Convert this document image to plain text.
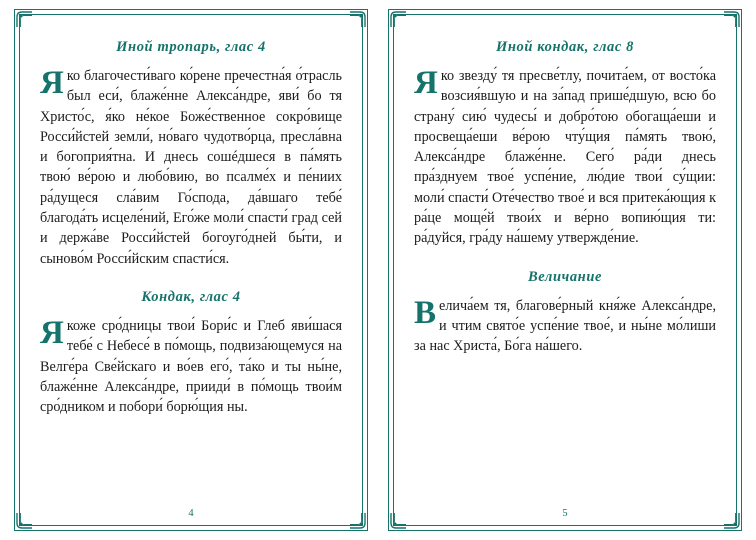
Иной тропарь, глас 4

Яко благочести́ваго ко́рене пречестна́я о́трасль был еси́, блаже́нне Алекса́ндре, яви́ бо тя Христо́с, я́ко не́кое Боже́ственное сокро́вище Росси́йстей земли́, но́ваго чудотво́рца, пресла́вна и богоприя́тна. И днесь сошéдшеся в па́мять твою́ ве́рою и любо́вию, во псалме́х и пе́ниих ра́дущеся сла́вим Го́спода, да́вшаго тебе́ благода́ть исцеле́ний, Его́же моли́ спасти́ град сей и держа́ве Росси́йстей богоуго́дней бы́ти, и сыново́м Росси́йским спасти́ся.

Кондак, глас 4

Якоже сро́дницы твои́ Бори́с и Глеб яви́шася тебе́ с Небесе́ в по́мощь, подвиза́ющемуся на Велге́ра Све́йскаго и во́ев его́, та́ко и ты ны́не, блаже́нне Алекса́ндре, прииди́ в по́мощь твои́м сро́дником и побори́ борю́щия ны.

4
Иной кондак, глас 8

Яко звезду́ тя пресве́тлу, почита́ем, от восто́ка возсия́вшую и на за́пад прише́дшую, всю бо страну́ сию́ чудесы́ и добро́тою обогаща́еши и просвеща́еши ве́рою чту́щия па́мять твою́, Алекса́ндре блаже́нне. Сего́ ра́ди днесь пра́зднуем твое́ успе́ние, лю́дие твои́ су́щии: моли́ спасти́ Оте́чество твое́ и вся притека́ющия к ра́це моще́й твои́х и ве́рно вопию́щия ти: ра́дуйся, гра́ду на́шему утвержде́ние.

Величание

Велича́ем тя, благове́рный кня́же Алекса́ндре, и чтим свято́е успе́ние твое́, и ны́не мо́лиши за нас Христа́, Бо́га на́шего.

5
